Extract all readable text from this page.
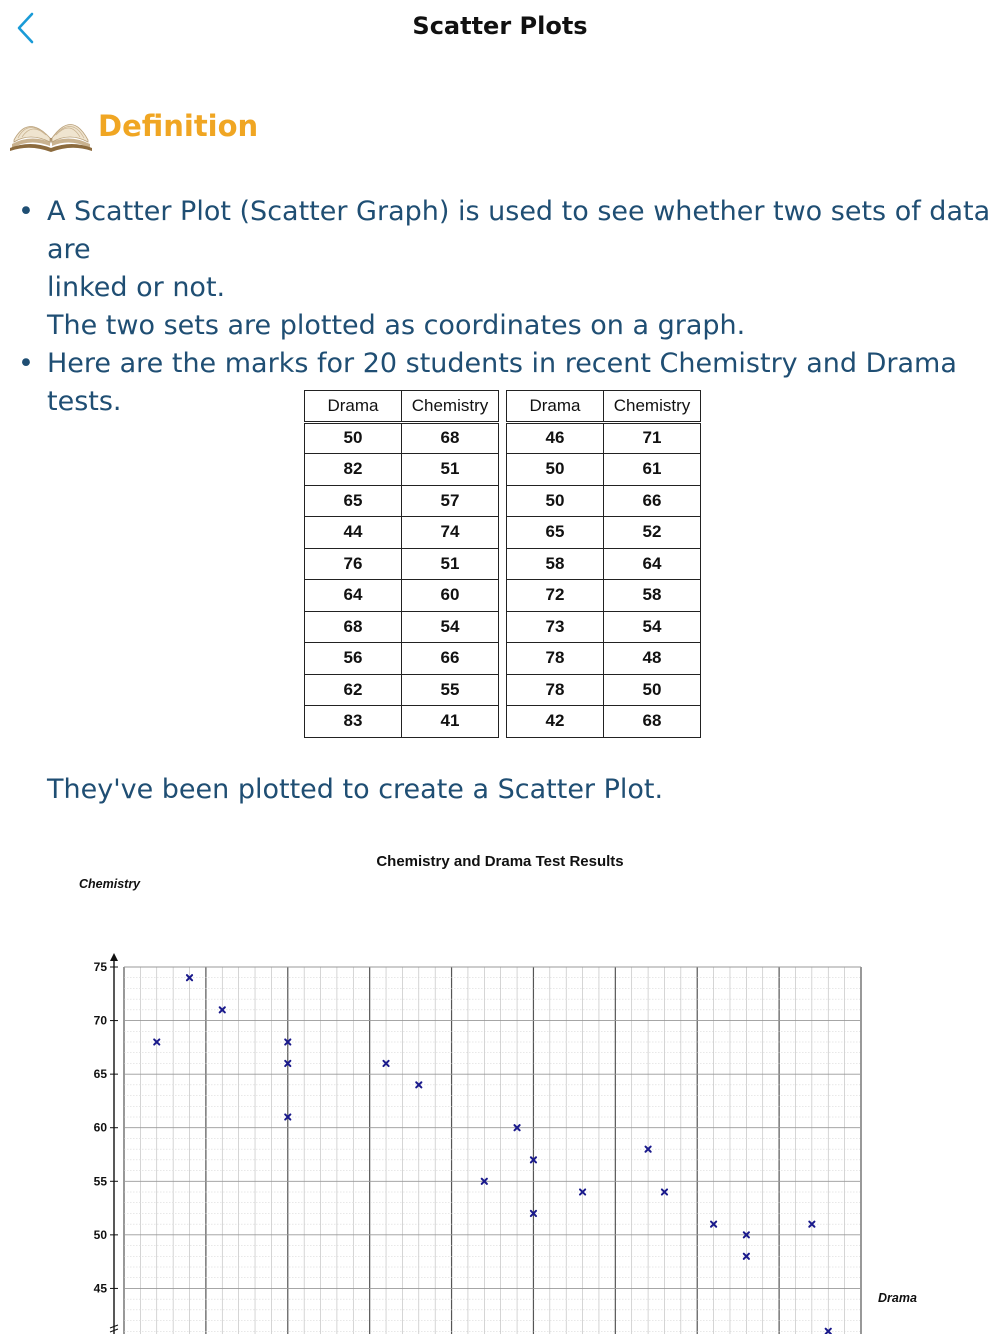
Scatter Plots
Definition
• A Scatter Plot (Scatter Graph) is used to see whether two sets of data are
linked or not.
The two sets are plotted as coordinates on a graph.
• Here are the marks for 20 students in recent Chemistry and Drama tests.	Drama	Chemistry
50	68
82	51
65	57
44	74
76	51
64	60
68	54
56	66
62	55
83	41
Drama	Chemistry
46	71
50	61
50	66
65	52
58	64
72	58
73	54
78	48
78	50
42	68
They've been plotted to create a Scatter Plot.
Chemistry and Drama Test Results
Chemistry
Drama
45
50
55
60
65
70
75
